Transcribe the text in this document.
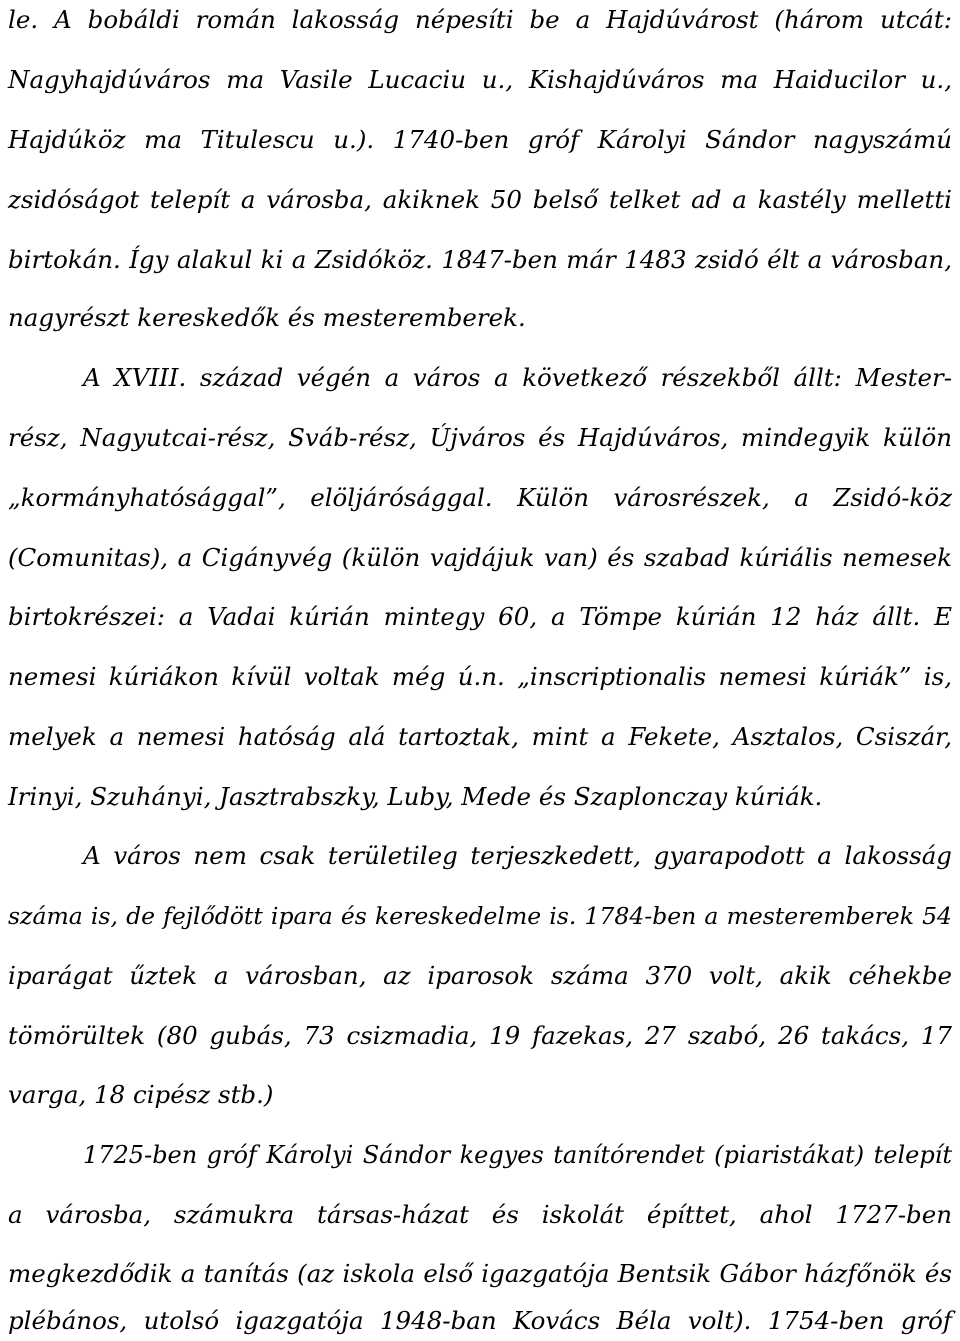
le. A bobáldi román lakosság népesíti be a Hajdúvárost (három utcát:
Nagyhajdúváros ma Vasile Lucaciu u., Kishajdúváros ma Haiducilor u.,
Hajdúköz ma Titulescu u.). 1740-ben gróf Károlyi Sándor nagyszámú
zsidóságot telepít a városba, akiknek 50 belső telket ad a kastély melletti
birtokán. Így alakul ki a Zsidóköz. 1847-ben már 1483 zsidó élt a városban,
nagyrészt kereskedők és mesteremberek.
A XVIII. század végén a város a következő részekből állt: Mester-
rész, Nagyutcai-rész, Sváb-rész, Újváros és Hajdúváros, mindegyik külön
„kormányhatósággal”, elöljárósággal. Külön városrészek, a Zsidó-köz
(Comunitas), a Cigányvég (külön vajdájuk van) és szabad kúriális nemesek
birtokrészei: a Vadai kúrián mintegy 60, a Tömpe kúrián 12 ház állt. E
nemesi kúriákon kívül voltak még ú.n. „inscriptionalis nemesi kúriák” is,
melyek a nemesi hatóság alá tartoztak, mint a Fekete, Asztalos, Csiszár,
Irinyi, Szuhányi, Jasztrabszky, Luby, Mede és Szaplonczay kúriák.
A város nem csak területileg terjeszkedett, gyarapodott a lakosság
száma is, de fejlődött ipara és kereskedelme is. 1784-ben a mesteremberek 54
iparágat űztek a városban, az iparosok száma 370 volt, akik céhekbe
tömörültek (80 gubás, 73 csizmadia, 19 fazekas, 27 szabó, 26 takács, 17
varga, 18 cipész stb.)
1725-ben gróf Károlyi Sándor kegyes tanítórendet (piaristákat) telepít
a városba, számukra társas-házat és iskolát építtet, ahol 1727-ben
megkezdődik a tanítás (az iskola első igazgatója Bentsik Gábor házfőnök és
plébános, utolsó igazgatója 1948-ban Kovács Béla volt). 1754-ben gróf
